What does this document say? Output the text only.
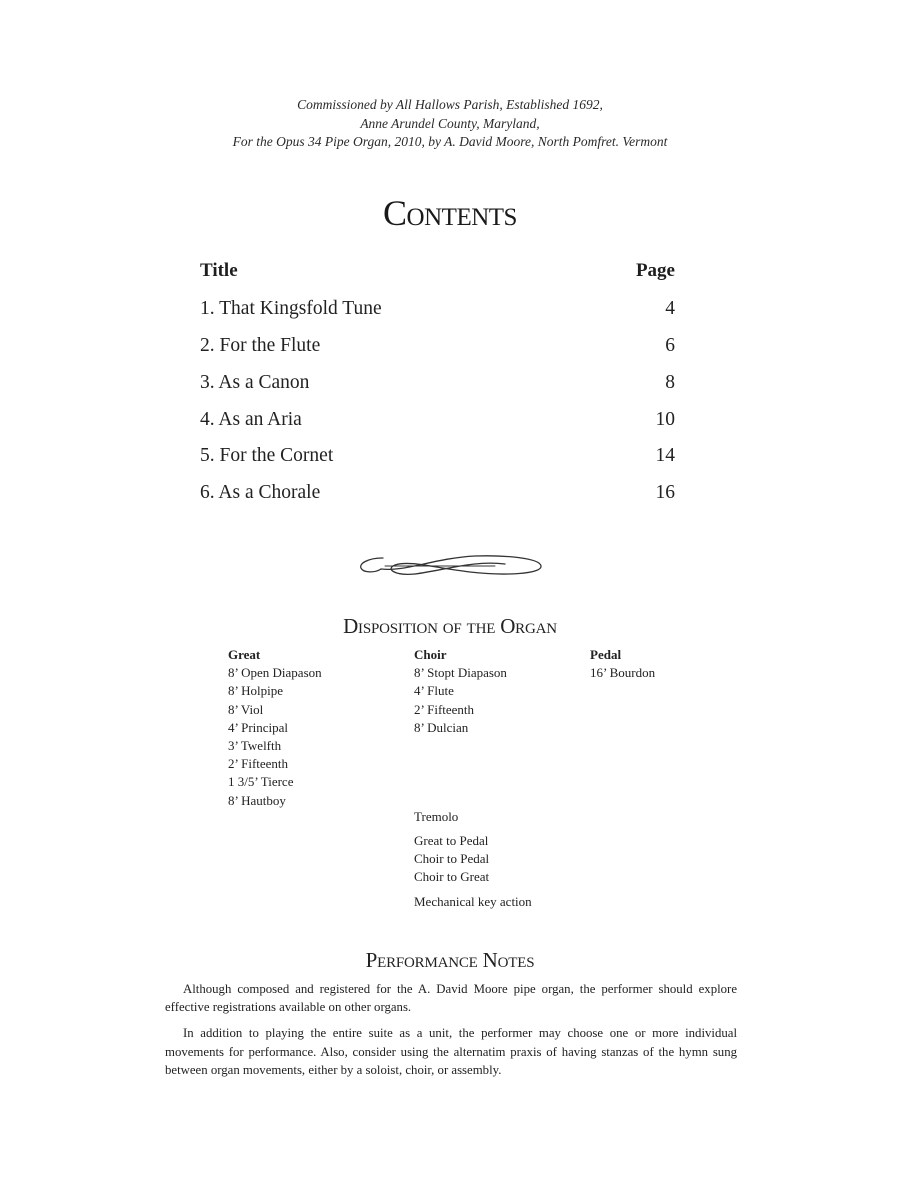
Commissioned by All Hallows Parish, Established 1692,
Anne Arundel County, Maryland,
For the Opus 34 Pipe Organ, 2010, by A. David Moore, North Pomfret. Vermont
Contents
Title	Page
1. That Kingsfold Tune	4
2. For the Flute	6
3. As a Canon	8
4. As an Aria	10
5. For the Cornet	14
6. As a Chorale	16
Disposition of the Organ
Great
8’ Open Diapason
8’ Holpipe
8’ Viol
4’ Principal
3’ Twelfth
2’ Fifteenth
1 3/5’ Tierce
8’ Hautboy
Choir
8’ Stopt Diapason
4’ Flute
2’ Fifteenth
8’ Dulcian
Pedal
16’ Bourdon
Tremolo
Great to Pedal
Choir to Pedal
Choir to Great
Mechanical key action
Performance Notes

Although composed and registered for the A. David Moore pipe organ, the performer should explore effective registrations available on other organs.

In addition to playing the entire suite as a unit, the performer may choose one or more individual movements for performance. Also, consider using the alternatim praxis of having stanzas of the hymn sung between organ movements, either by a soloist, choir, or assembly.
